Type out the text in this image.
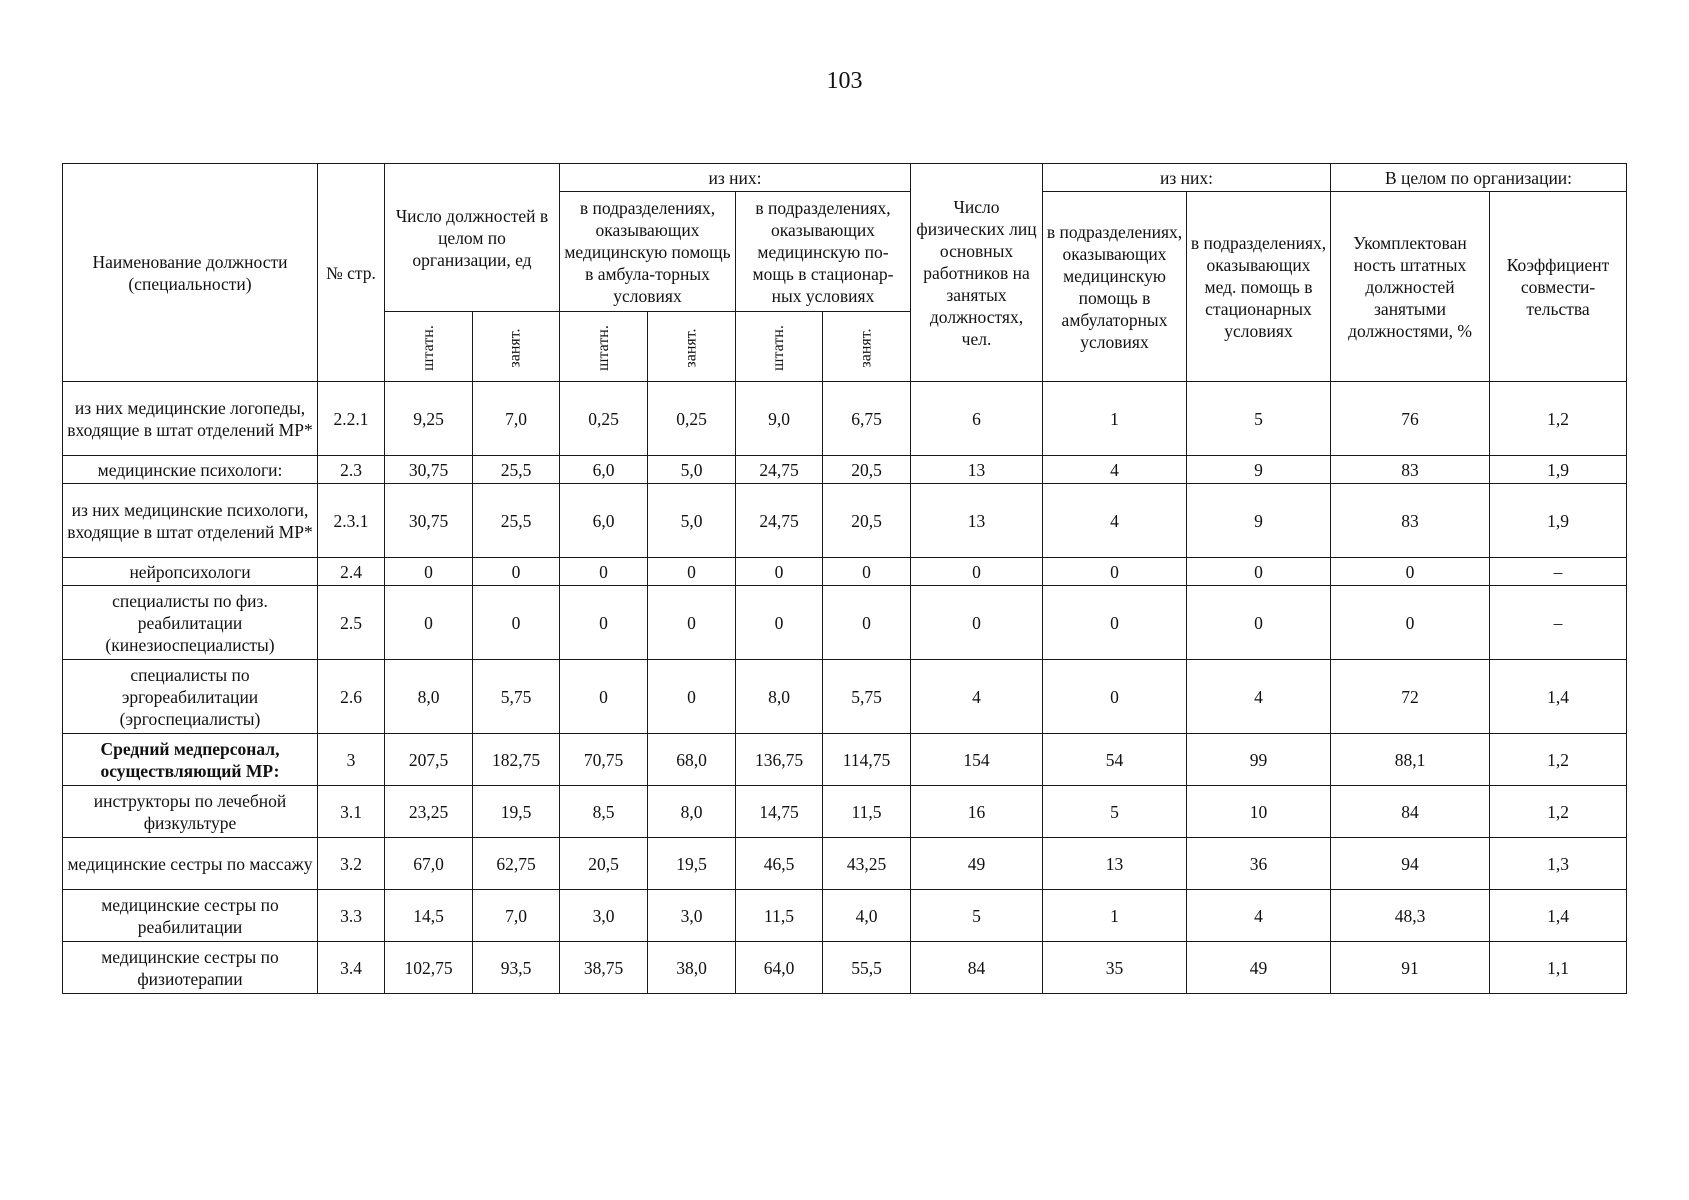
103
Наименование должности (специальности)	№ стр.	Число должностей в целом по организации, ед		из них:				Число физических лиц основных работников на занятых должностях, чел.	из них:		В целом по организации:	
				в подразделениях, оказывающих медицинскую помощь в амбула-торных условиях		в подразделениях, оказывающих медицинскую по-мощь в стационар-ных условиях			в подразделениях, оказывающих медицинскую помощь в амбулаторных условиях	в подразделениях, оказывающих мед. помощь в стационарных условиях	Укомплектован ность штатных должностей занятыми должностями, %	Коэффициент совмести-тельства
		штатн.	занят.	штатн.	занят.	штатн.	занят.					
из них медицинские логопеды, входящие в штат отделений МР*	2.2.1	9,25	7,0	0,25	0,25	9,0	6,75	6	1	5	76	1,2
медицинские психологи:	2.3	30,75	25,5	6,0	5,0	24,75	20,5	13	4	9	83	1,9
из них медицинские психологи, входящие в штат отделений МР*	2.3.1	30,75	25,5	6,0	5,0	24,75	20,5	13	4	9	83	1,9
нейропсихологи	2.4	0	0	0	0	0	0	0	0	0	0	–
специалисты по физ. реабилитации (кинезиоспециалисты)	2.5	0	0	0	0	0	0	0	0	0	0	–
специалисты по эргореабилитации (эргоспециалисты)	2.6	8,0	5,75	0	0	8,0	5,75	4	0	4	72	1,4
Средний медперсонал, осуществляющий МР:	3	207,5	182,75	70,75	68,0	136,75	114,75	154	54	99	88,1	1,2
инструкторы по лечебной физкультуре	3.1	23,25	19,5	8,5	8,0	14,75	11,5	16	5	10	84	1,2
медицинские сестры по массажу	3.2	67,0	62,75	20,5	19,5	46,5	43,25	49	13	36	94	1,3
медицинские сестры по реабилитации	3.3	14,5	7,0	3,0	3,0	11,5	4,0	5	1	4	48,3	1,4
медицинские сестры по физиотерапии	3.4	102,75	93,5	38,75	38,0	64,0	55,5	84	35	49	91	1,1
